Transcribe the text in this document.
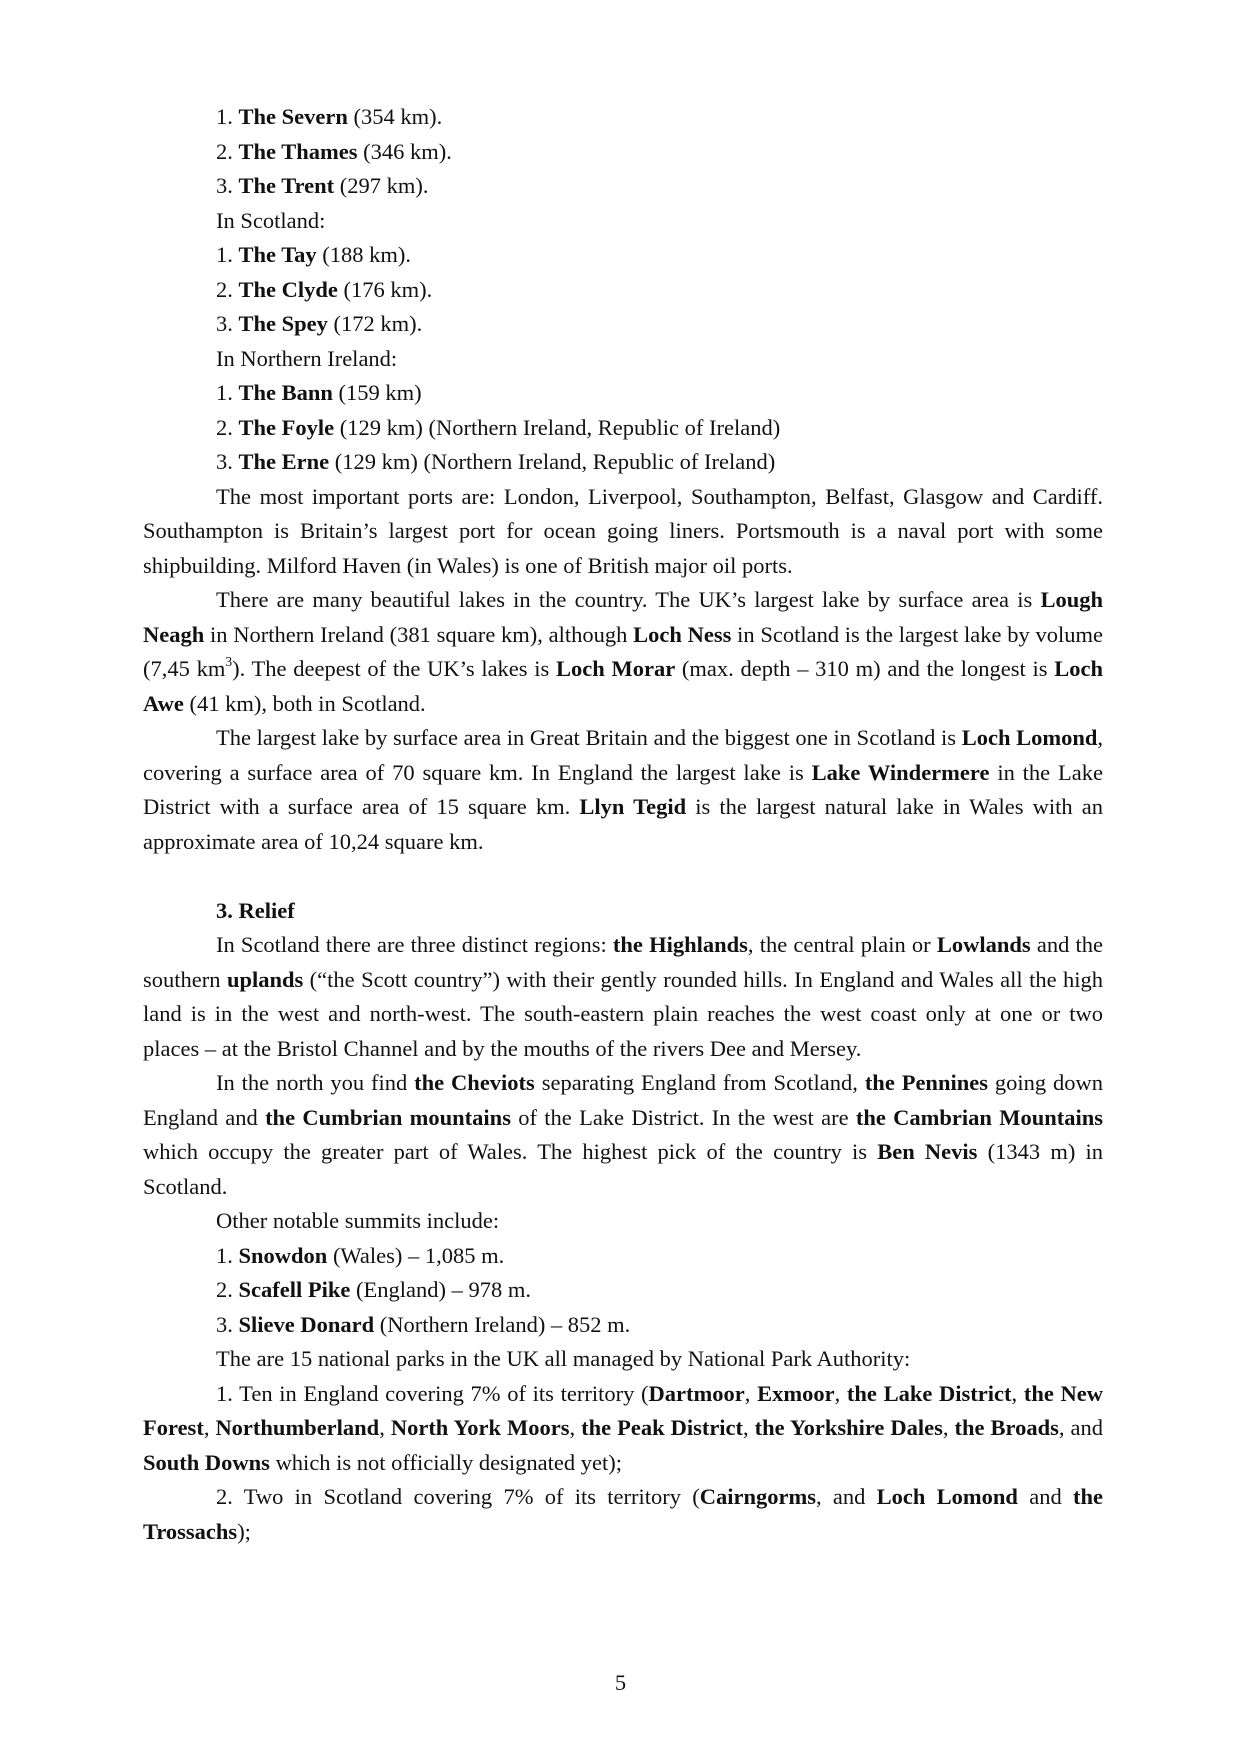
1. The Severn (354 km).

2. The Thames (346 km).

3. The Trent (297 km).

In Scotland:

1. The Tay (188 km).

2. The Clyde (176 km).

3. The Spey (172 km).

In Northern Ireland:

1. The Bann (159 km)

2. The Foyle (129 km) (Northern Ireland, Republic of Ireland)

3. The Erne (129 km) (Northern Ireland, Republic of Ireland)

The most important ports are: London, Liverpool, Southampton, Belfast, Glasgow and Cardiff. Southampton is Britain’s largest port for ocean going liners. Portsmouth is a naval port with some shipbuilding. Milford Haven (in Wales) is one of British major oil ports.

There are many beautiful lakes in the country. The UK’s largest lake by surface area is Lough Neagh in Northern Ireland (381 square km), although Loch Ness in Scotland is the largest lake by volume (7,45 $km^3$). The deepest of the UK’s lakes is Loch Morar (max. depth – 310 m) and the longest is Loch Awe (41 km), both in Scotland.

The largest lake by surface area in Great Britain and the biggest one in Scotland is Loch Lomond, covering a surface area of 70 square km. In England the largest lake is Lake Windermere in the Lake District with a surface area of 15 square km. Llyn Tegid is the largest natural lake in Wales with an approximate area of 10,24 square km.

3. Relief

In Scotland there are three distinct regions: the Highlands, the central plain or Lowlands and the southern uplands (“the Scott country”) with their gently rounded hills. In England and Wales all the high land is in the west and north-west. The south-eastern plain reaches the west coast only at one or two places – at the Bristol Channel and by the mouths of the rivers Dee and Mersey.

In the north you find the Cheviots separating England from Scotland, the Pennines going down England and the Cumbrian mountains of the Lake District. In the west are the Cambrian Mountains which occupy the greater part of Wales. The highest pick of the country is Ben Nevis (1343 m) in Scotland.

Other notable summits include:

1. Snowdon (Wales) – 1,085 m.

2. Scafell Pike (England) – 978 m.

3. Slieve Donard (Northern Ireland) – 852 m.

The are 15 national parks in the UK all managed by National Park Authority:

1. Ten in England covering 7% of its territory (Dartmoor, Exmoor, the Lake District, the New Forest, Northumberland, North York Moors, the Peak District, the Yorkshire Dales, the Broads, and South Downs which is not officially designated yet);

2. Two in Scotland covering 7% of its territory (Cairngorms, and Loch Lomond and the Trossachs);

5
